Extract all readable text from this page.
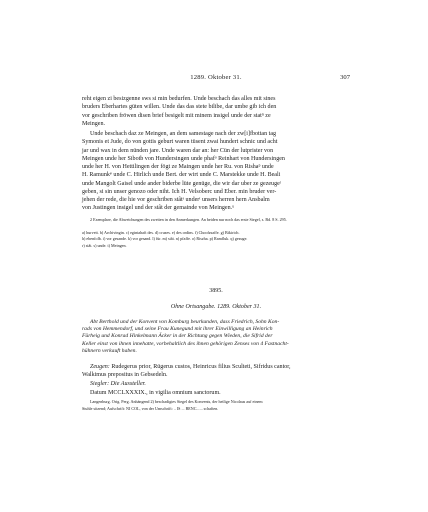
1289. Oktober 31.	307

reht eigen zi besizgenne sws si min bedurfen. Unde beschach das alles mit sines

bruders Eberhartes güten willen. Unde das das stete bilibe, dar umbe gib ich den

vor geschriben fröwen disen brief besigelt mit minem insigel unde der statⁿ ze

Meingen.

Unde beschach daz ze Meingen, an dem samestage nach der zw[i]fbottan tag

Symonis et Jude, do von gottis geburt waren tüsent zwai hundert schnic und acht

jar und wax in dem nünden jare. Unde waren dar an: her Cün der lutprister von

Meingen unde her Sibotb von Hundersingen unde phafᵒ Reinhart von Hundersingen

unde her H. von Hettilingen der fögt ze Maingen unde her Ru. von Rishaᵖ unde

H. Ramunkᵠ unde C. Hirlich unde Bert. der wirt unde C. Marstekke unde H. Beali

unde Mangolt Gaisel unde ander biderbe lüte genüge, die wir dar uber ze gezeugeʳ

geben, si sin unser genozo oder niht. Ich H. Velsoberc und Eber. min bruder ver-

jehen der rede, die hie vor geschriben stâtˢ underᵗ unsers herren hern Ansbalm

von Justingen insigel und der stât der gemainde von Meingen.ᵘ

2 Exemplare, die Abweichungen des zweiten in den Anmerkungen. An beiden nur noch das erste Siegel, s. Bd. 8 S. 295.

a) hurveit. b) Archivingin. c) egintahaft des. d) cruzes. e) des ordins. f) Choofzsaffe. g) Bikirich.

h) ebenfolb. i) vor gesande. k) vor gesand. l) für. m) stât. n) pfaffe. o) Riszha. p) Ramfluk. q) gezuge.

r) stât. s) unde. t) Meingen.

3895.

Ohne Ortsangabe. 1289. Oktober 31.

Abt Berthold und der Konvent von Komburg beurkunden, dass Friedrich, Sohn Kon-

rads von Hemmendorf, und seine Frau Kunegund mit ihrer Einwilligung an Heinrich

Fürheig und Konrad Hinkelmann Äcker in der Richtung gegen Wieden, die Sifrid der

Keller einst von ihnen innehatte, vorbehaltlich des ihnen gehörigen Zenses von 4 Fastnacht-

hühnern verkauft haben.

Zeugen: Rudegerus prior, Rügerus custos, Heinricus filius Sculteti, Sifridus cantor,

Walkimus prepositus in Gebsedeln.

Siegler: Die Aussteller.

Datum MCCLXXXIX., in vigilia omnium sanctorum.

Langenburg. Orig. Perg. Anhängend 2) beschadigtes Siegel des Konvents, der heilige Nicolaus auf einem

Stuhle sitzend; Aufschrift: NI COL, von der Umschrift: .. IS ... BENC...... schaften.
